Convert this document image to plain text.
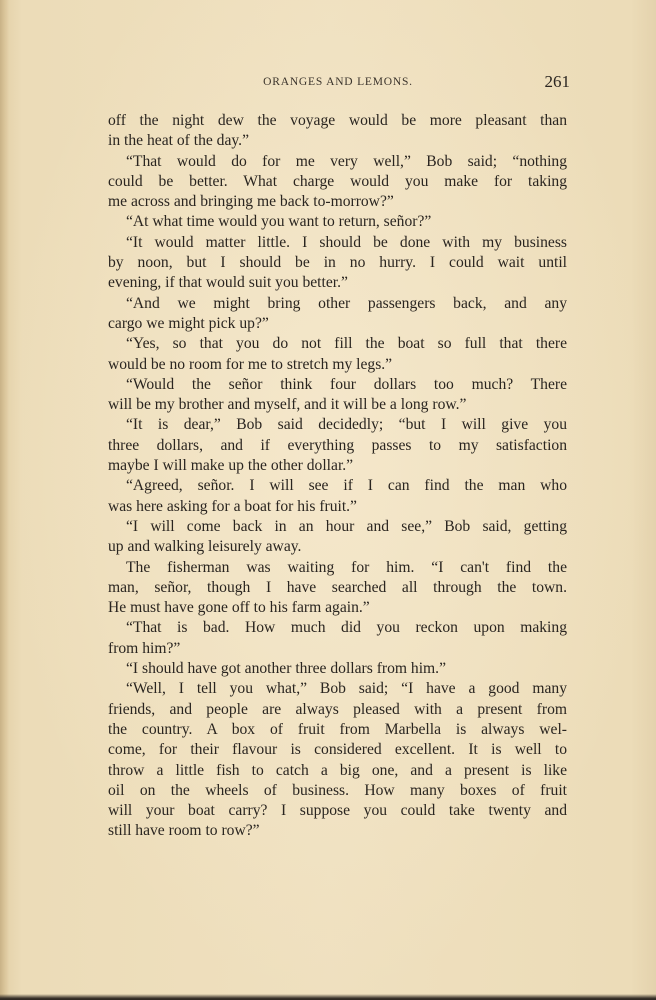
ORANGES AND LEMONS.	261
off the night dew the voyage would be more pleasant than
in the heat of the day.”
“That would do for me very well,” Bob said; “nothing
could be better. What charge would you make for taking
me across and bringing me back to-morrow?”
“At what time would you want to return, señor?”
“It would matter little. I should be done with my business
by noon, but I should be in no hurry. I could wait until
evening, if that would suit you better.”
“And we might bring other passengers back, and any
cargo we might pick up?”
“Yes, so that you do not fill the boat so full that there
would be no room for me to stretch my legs.”
“Would the señor think four dollars too much? There
will be my brother and myself, and it will be a long row.”
“It is dear,” Bob said decidedly; “but I will give you
three dollars, and if everything passes to my satisfaction
maybe I will make up the other dollar.”
“Agreed, señor. I will see if I can find the man who
was here asking for a boat for his fruit.”
“I will come back in an hour and see,” Bob said, getting
up and walking leisurely away.
The fisherman was waiting for him. “I can't find the
man, señor, though I have searched all through the town.
He must have gone off to his farm again.”
“That is bad. How much did you reckon upon making
from him?”
“I should have got another three dollars from him.”
“Well, I tell you what,” Bob said; “I have a good many
friends, and people are always pleased with a present from
the country. A box of fruit from Marbella is always wel-
come, for their flavour is considered excellent. It is well to
throw a little fish to catch a big one, and a present is like
oil on the wheels of business. How many boxes of fruit
will your boat carry? I suppose you could take twenty and
still have room to row?”
